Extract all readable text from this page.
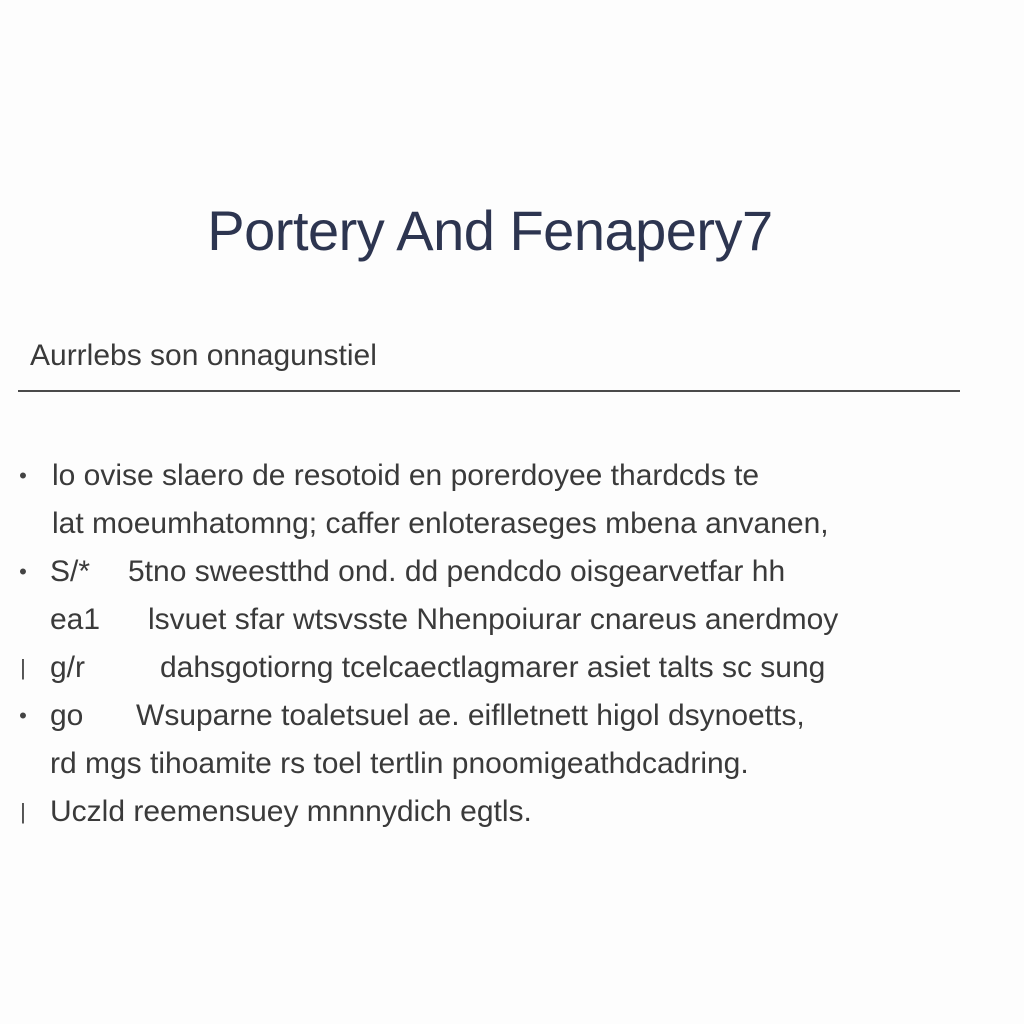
Portery And Fenapery7
Aurrlebs son onnagunstiel
• lo ovise slaero de resotoid en porerdoyee thardcds te
lat moeumhatomng; caffer enloteraseges mbena anvanen,
• S/* 5tno sweestthd ond. dd pendcdo oisgearvetfar hh
ea1 lsvuet sfar wtsvsste Nhenpoiurar cnareus anerdmoy
| g/r dahsgotiorng tcelcaectlagmarer asiet talts sc sung
• go Wsuparne toaletsuel ae. eiflletnett higol dsynoetts,
rd mgs tihoamite rs toel tertlin pnoomigeathdcadring.
| Uczld reemensuey mnnnydich egtls.
